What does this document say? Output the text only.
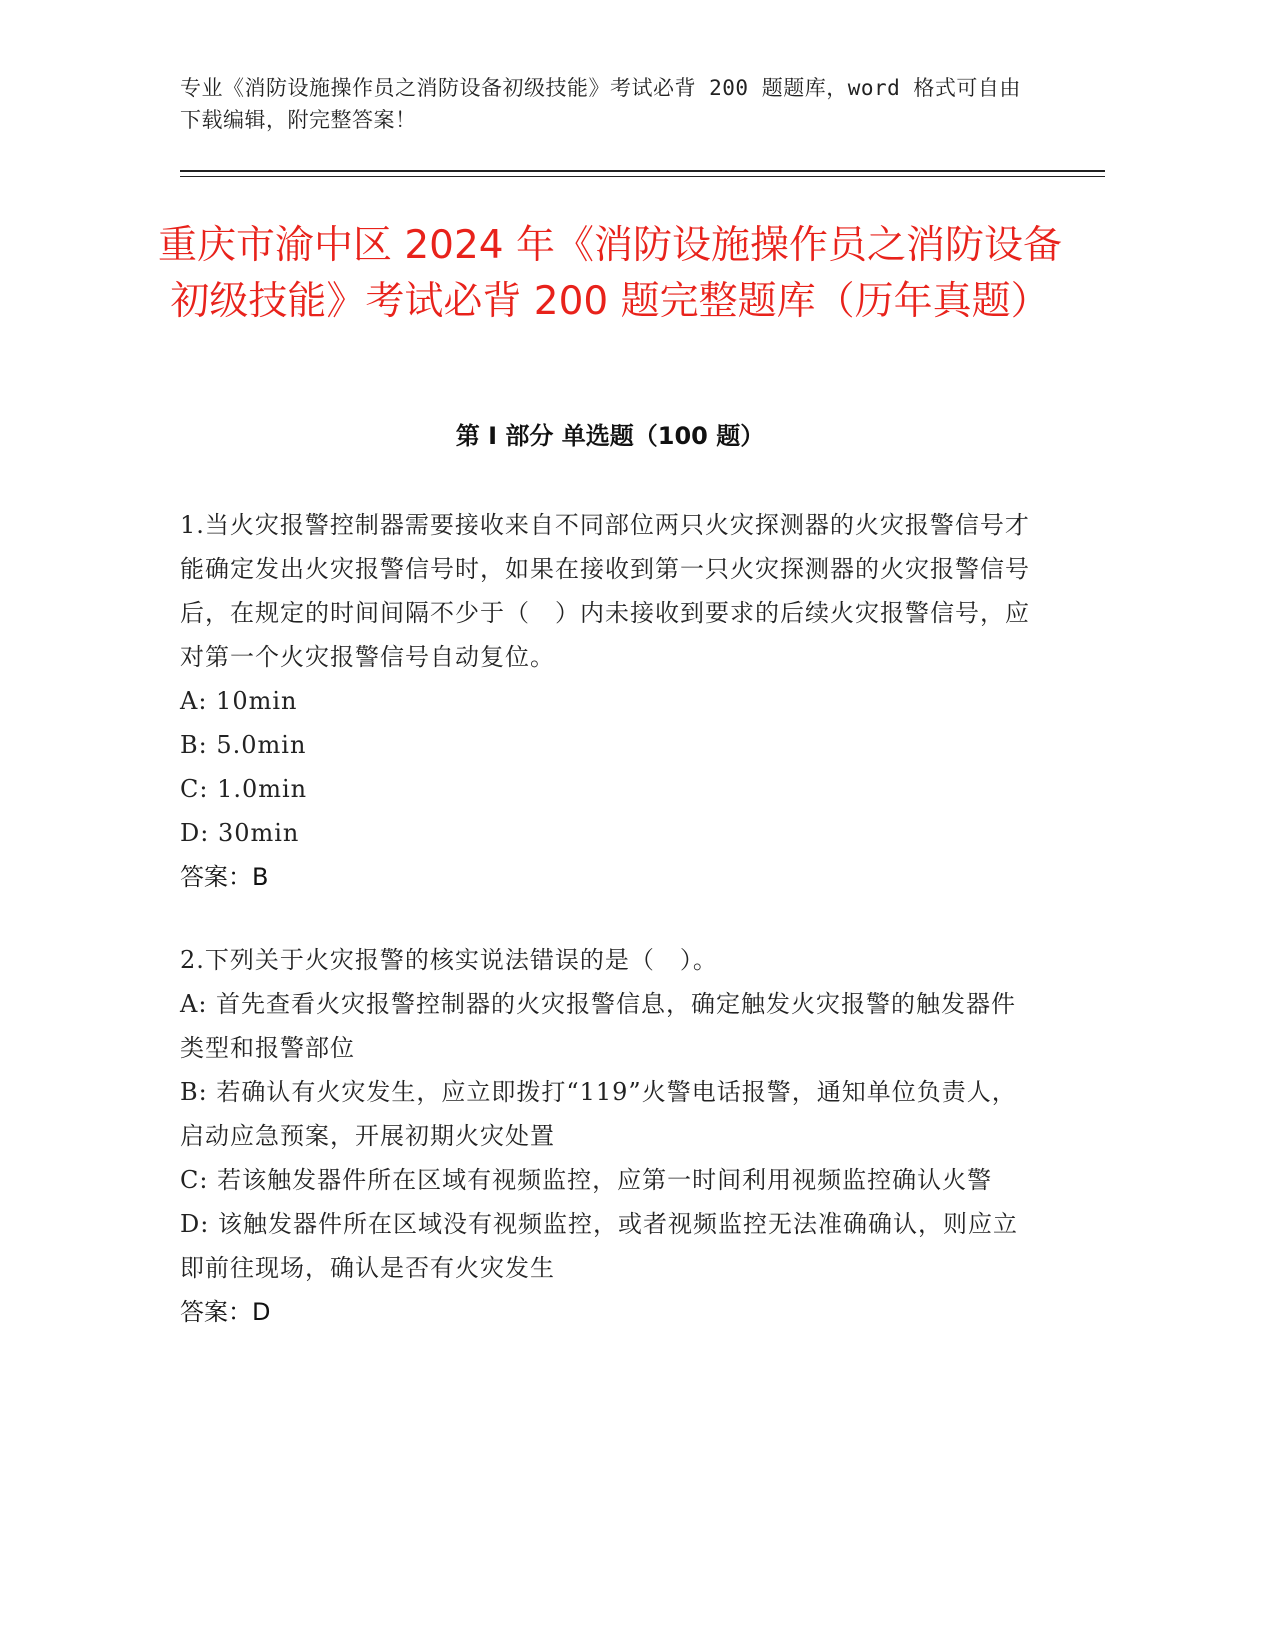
专业《消防设施操作员之消防设备初级技能》考试必背 200 题题库，word 格式可自由下载编辑，附完整答案！
重庆市渝中区 2024 年《消防设施操作员之消防设备初级技能》考试必背 200 题完整题库（历年真题）
第 I 部分 单选题（100 题）

1.当火灾报警控制器需要接收来自不同部位两只火灾探测器的火灾报警信号才能确定发出火灾报警信号时，如果在接收到第一只火灾探测器的火灾报警信号后，在规定的时间间隔不少于（　）内未接收到要求的后续火灾报警信号，应对第一个火灾报警信号自动复位。

A: 10min

B: 5.0min

C: 1.0min

D: 30min

答案：B

2.下列关于火灾报警的核实说法错误的是（　）。

A: 首先查看火灾报警控制器的火灾报警信息，确定触发火灾报警的触发器件类型和报警部位

B: 若确认有火灾发生，应立即拨打“119”火警电话报警，通知单位负责人，启动应急预案，开展初期火灾处置

C: 若该触发器件所在区域有视频监控，应第一时间利用视频监控确认火警

D: 该触发器件所在区域没有视频监控，或者视频监控无法准确确认，则应立即前往现场，确认是否有火灾发生

答案：D
